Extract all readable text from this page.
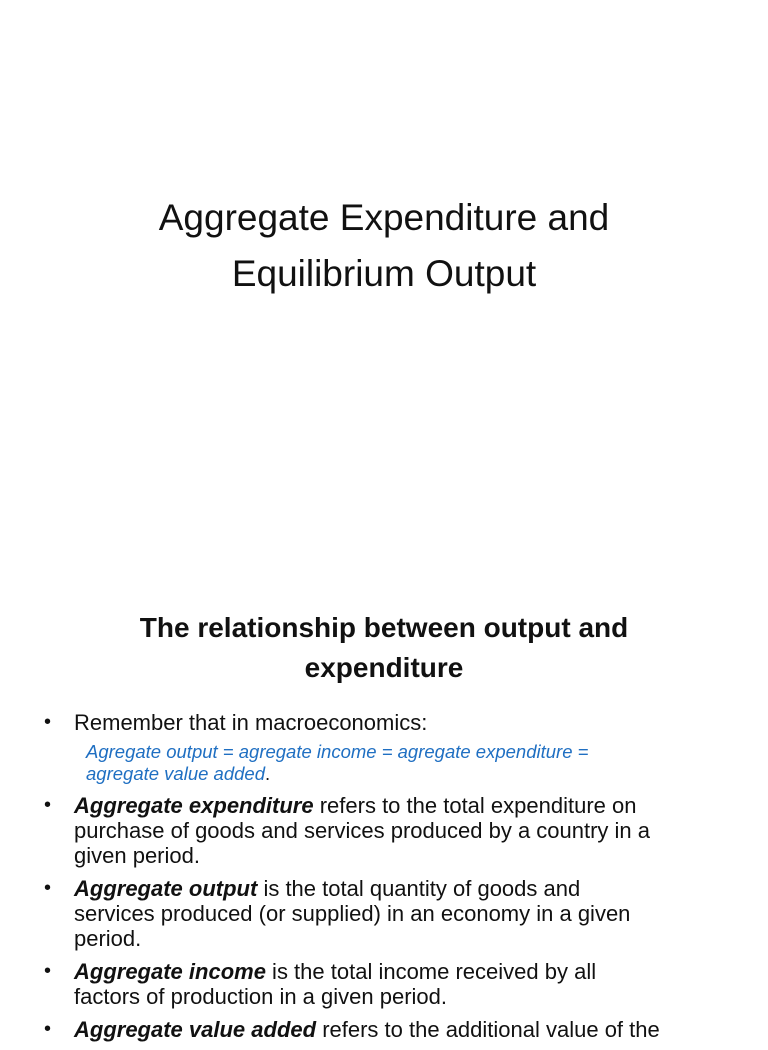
Aggregate Expenditure and
Equilibrium Output
The relationship between output and
expenditure
•	Remember that in macroeconomics:
Agregate output = agregate income = agregate expenditure =
agregate value added.
•	Aggregate expenditure refers to the total expenditure on
purchase of goods and services produced by a country in a
given period.
•	Aggregate output is the total quantity of goods and
services produced (or supplied) in an economy in a given
period.
•	Aggregate income is the total income received by all
factors of production in a given period.
•	Aggregate value added refers to the additional value of the
